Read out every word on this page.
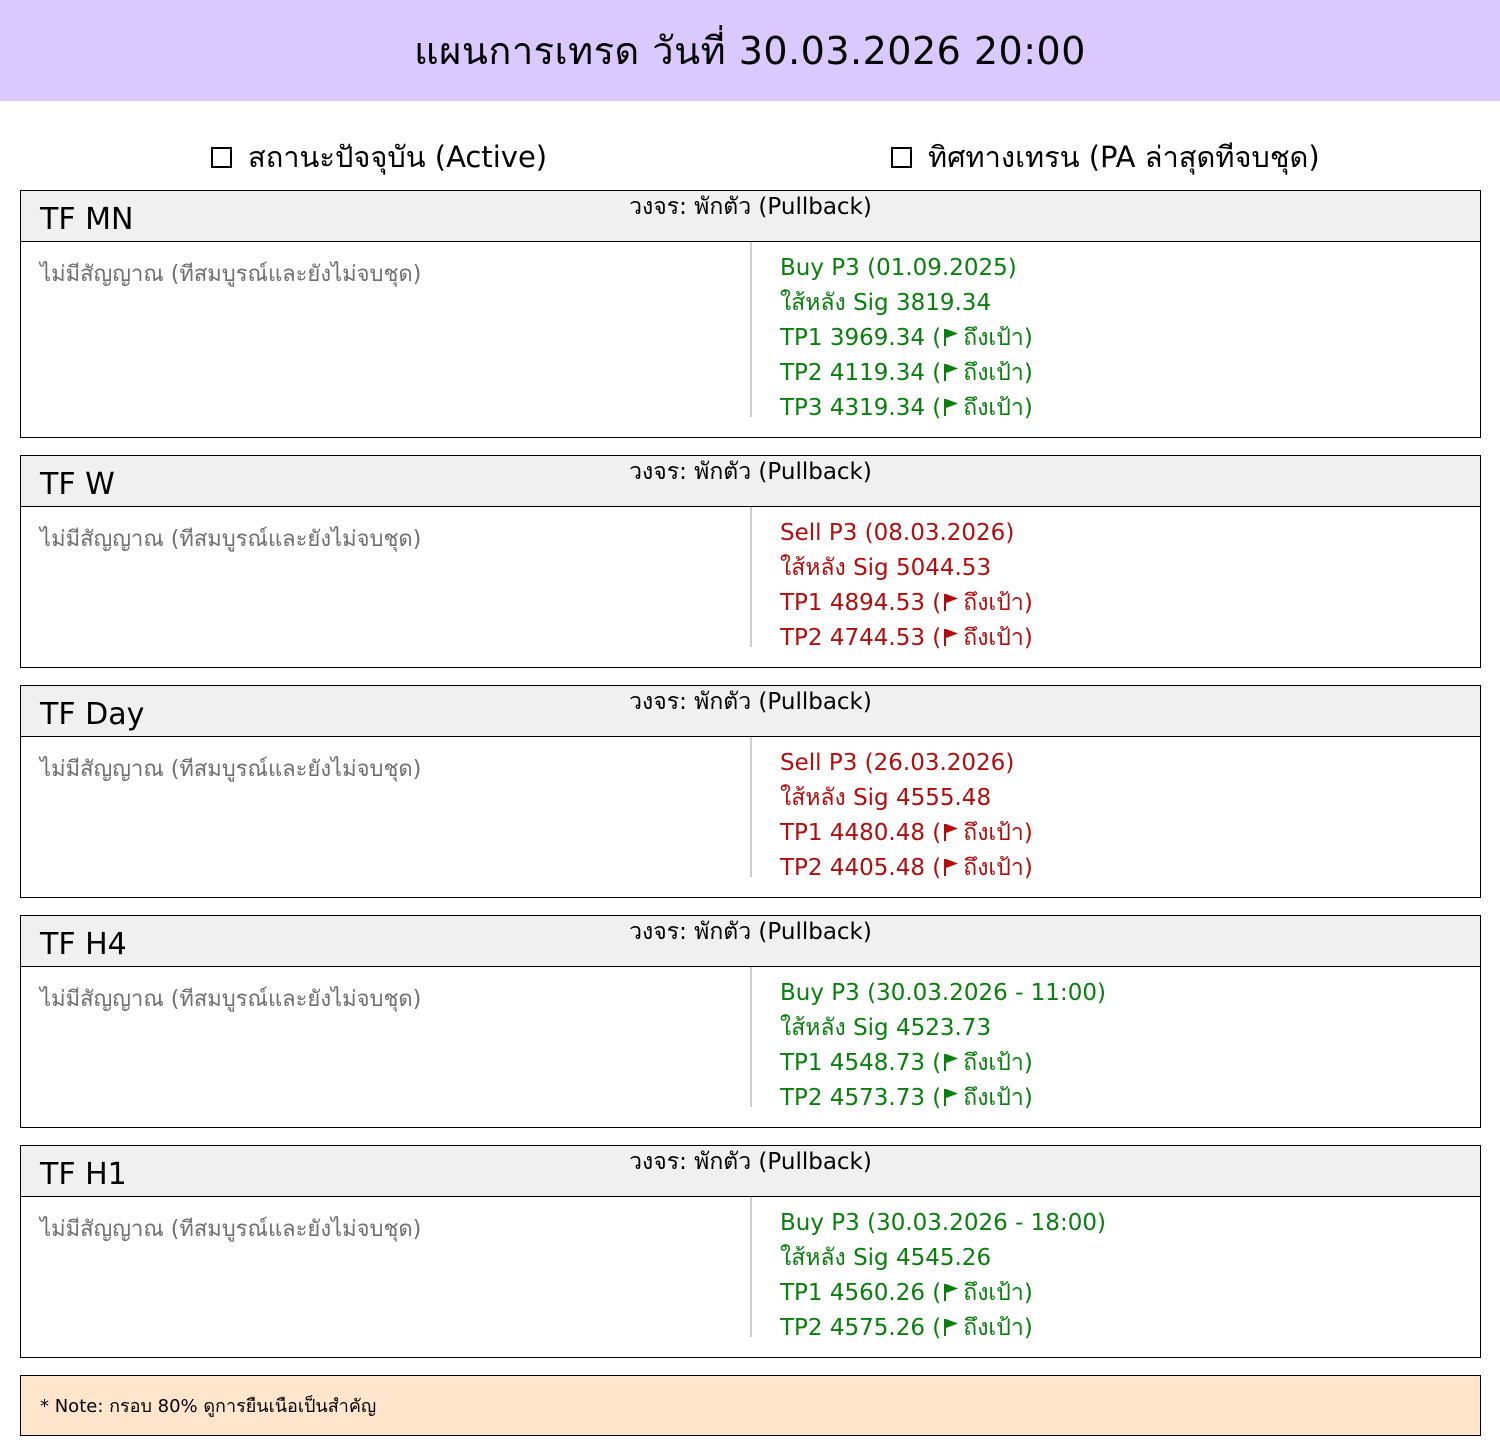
แผนการเทรด วันที่ 30.03.2026 20:00
สถานะปัจจุบัน (Active)	ทิศทางเทรน (PA ล่าสุดทีจบชุด)
วงจร: พักตัว (Pullback)
TF MN
ไม่มีสัญญาณ (ทีสมบูรณ์และยังไม่จบชุด)	Buy P3 (01.09.2025)
ใส้หลัง Sig 3819.34
TP1 3969.34 ( ถึงเป้า)
TP2 4119.34 ( ถึงเป้า)
TP3 4319.34 ( ถึงเป้า)
วงจร: พักตัว (Pullback)
TF W
ไม่มีสัญญาณ (ทีสมบูรณ์และยังไม่จบชุด)	Sell P3 (08.03.2026)
ใส้หลัง Sig 5044.53
TP1 4894.53 ( ถึงเป้า)
TP2 4744.53 ( ถึงเป้า)
วงจร: พักตัว (Pullback)
TF Day
ไม่มีสัญญาณ (ทีสมบูรณ์และยังไม่จบชุด)	Sell P3 (26.03.2026)
ใส้หลัง Sig 4555.48
TP1 4480.48 ( ถึงเป้า)
TP2 4405.48 ( ถึงเป้า)
วงจร: พักตัว (Pullback)
TF H4
ไม่มีสัญญาณ (ทีสมบูรณ์และยังไม่จบชุด)	Buy P3 (30.03.2026 - 11:00)
ใส้หลัง Sig 4523.73
TP1 4548.73 ( ถึงเป้า)
TP2 4573.73 ( ถึงเป้า)
วงจร: พักตัว (Pullback)
TF H1
ไม่มีสัญญาณ (ทีสมบูรณ์และยังไม่จบชุด)	Buy P3 (30.03.2026 - 18:00)
ใส้หลัง Sig 4545.26
TP1 4560.26 ( ถึงเป้า)
TP2 4575.26 ( ถึงเป้า)
* Note: กรอบ 80% ดูการยืนเนือเป็นสำคัญ
